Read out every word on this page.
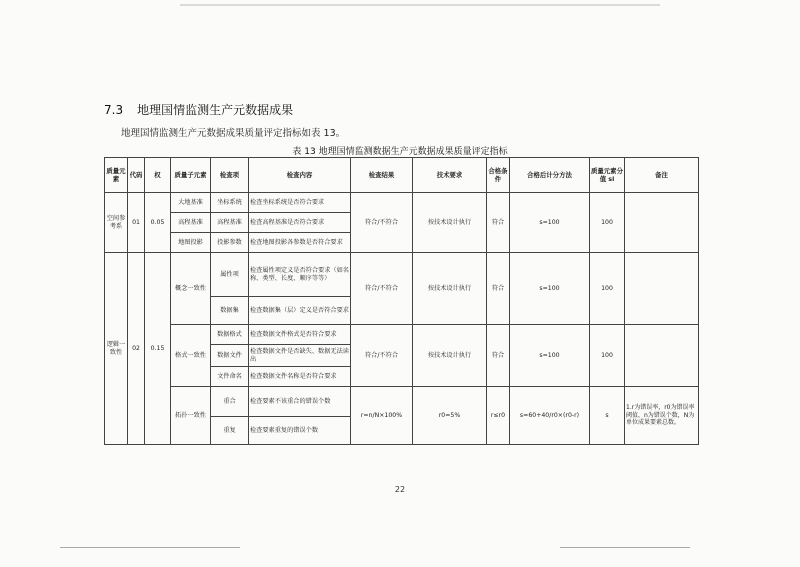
7.3 地理国情监测生产元数据成果
地理国情监测生产元数据成果质量评定指标如表 13。
表 13 地理国情监测数据生产元数据成果质量评定指标
质量元素	代码	权	质量子元素	检查项	检查内容	检查结果	技术要求	合格条件	合格后计分方法	质量元素分值 si	备注
空间参考系	01	0.05	大地基准	坐标系统	检查坐标系统是否符合要求	符合/不符合	按技术设计执行	符合	s=100	100	
			高程基准	高程基准	检查高程基准是否符合要求						
			地图投影	投影参数	检查地图投影各参数是否符合要求						
逻辑一致性	02	0.15	概念一致性	属性项	检查属性项定义是否符合要求（如名称、类型、长度、顺序等等）	符合/不符合	按技术设计执行	符合	s=100	100	
				数据集	检查数据集（层）定义是否符合要求						
			格式一致性	数据格式	检查数据文件格式是否符合要求	符合/不符合	按技术设计执行	符合	s=100	100	
				数据文件	检查数据文件是否缺失、数据无法读出						
				文件命名	检查数据文件名称是否符合要求						
			拓扑一致性	重合	检查要素不该重合的错误个数	r=n/N×100%	r0=5%	r≤r0	s=60+40/r0×(r0-r)	s	1.r为错误率，r0为错误率阈值，n为错误个数，N为单位成果要素总数。
				重复	检查要素重复的错误个数						
22
